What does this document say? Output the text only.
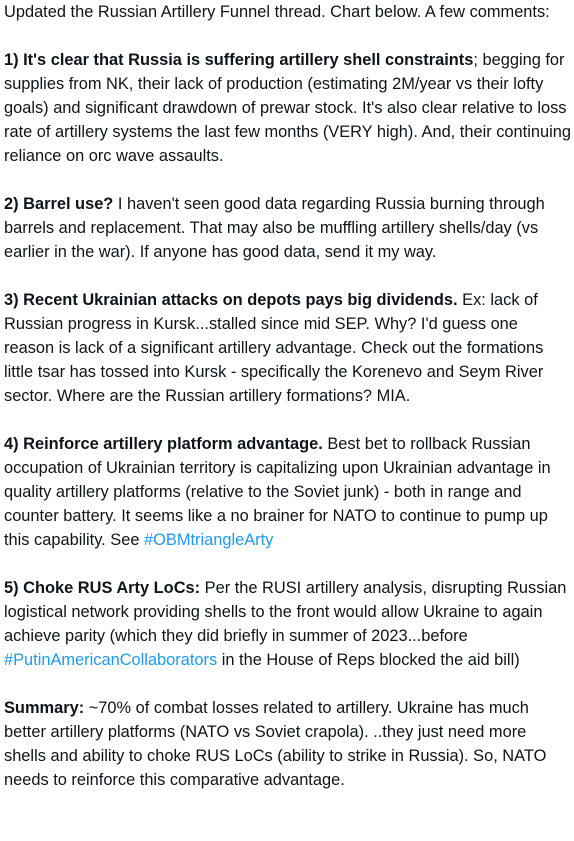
Updated the Russian Artillery Funnel thread. Chart below. A few comments:

1) It's clear that Russia is suffering artillery shell constraints; begging for supplies from NK, their lack of production (estimating 2M/year vs their lofty goals) and significant drawdown of prewar stock. It's also clear relative to loss rate of artillery systems the last few months (VERY high). And, their continuing reliance on orc wave assaults.

2) Barrel use? I haven't seen good data regarding Russia burning through barrels and replacement. That may also be muffling artillery shells/day (vs earlier in the war). If anyone has good data, send it my way.

3) Recent Ukrainian attacks on depots pays big dividends. Ex: lack of Russian progress in Kursk...stalled since mid SEP. Why? I'd guess one reason is lack of a significant artillery advantage. Check out the formations little tsar has tossed into Kursk - specifically the Korenevo and Seym River sector. Where are the Russian artillery formations? MIA.

4) Reinforce artillery platform advantage. Best bet to rollback Russian occupation of Ukrainian territory is capitalizing upon Ukrainian advantage in quality artillery platforms (relative to the Soviet junk) - both in range and counter battery. It seems like a no brainer for NATO to continue to pump up this capability. See #OBMtriangleArty

5) Choke RUS Arty LoCs: Per the RUSI artillery analysis, disrupting Russian logistical network providing shells to the front would allow Ukraine to again achieve parity (which they did briefly in summer of 2023...before #PutinAmericanCollaborators in the House of Reps blocked the aid bill)

Summary: ~70% of combat losses related to artillery. Ukraine has much better artillery platforms (NATO vs Soviet crapola). ..they just need more shells and ability to choke RUS LoCs (ability to strike in Russia). So, NATO needs to reinforce this comparative advantage.
